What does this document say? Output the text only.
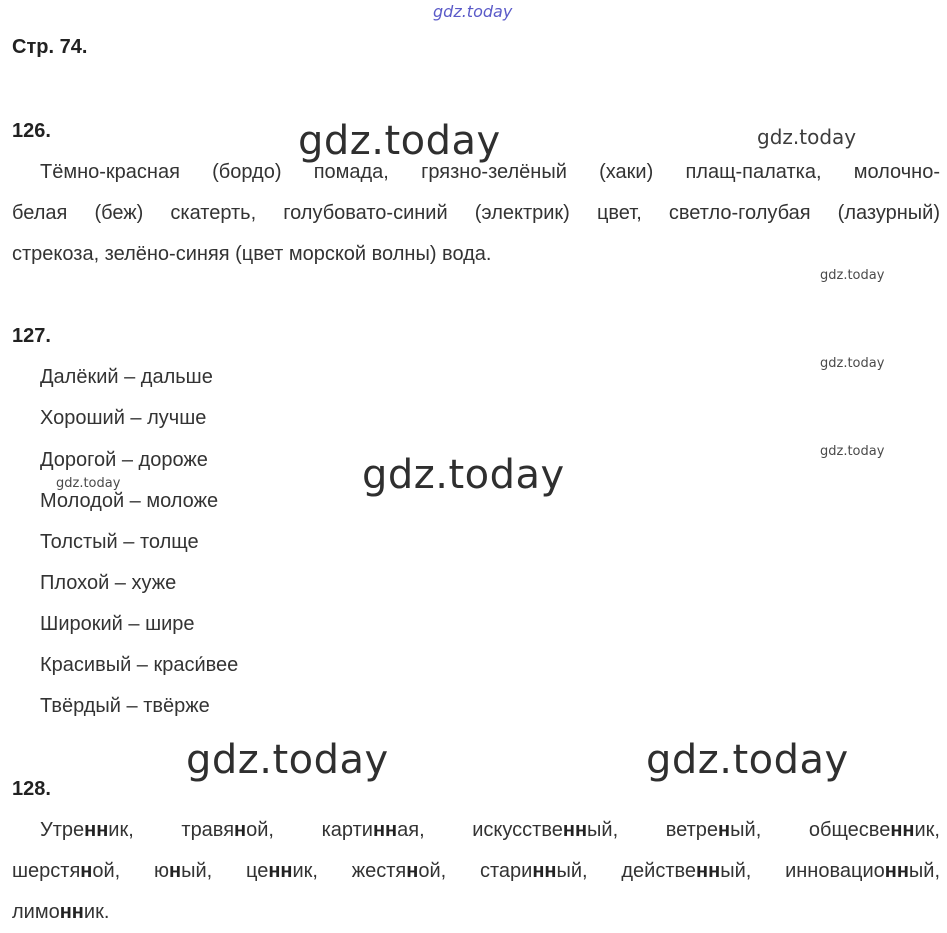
gdz.today
Стр. 74.
126.
Тёмно-красная (бордо) помада, грязно-зелёный (хаки) плащ-палатка, молочно-
белая (беж) скатерть, голубовато-синий (электрик) цвет, светло-голубая (лазурный)
стрекоза, зелёно-синяя (цвет морской волны) вода.
127.
Далёкий – дальше
Хороший – лучше
Дорогой – дороже
Молодой – моложе
Толстый – толще
Плохой – хуже
Широкий – шире
Красивый – краси́вее
Твёрдый – твёрже
128.
Утренник, травяной, картинная, искусственный, ветреный, общесвенник,
шерстяной, юный, ценник, жестяной, старинный, действенный, инновационный,
лимонник.
gdz.today	gdz.today
gdz.today
gdz.today
gdz.today
gdz.today	gdz.today
gdz.today	gdz.today
